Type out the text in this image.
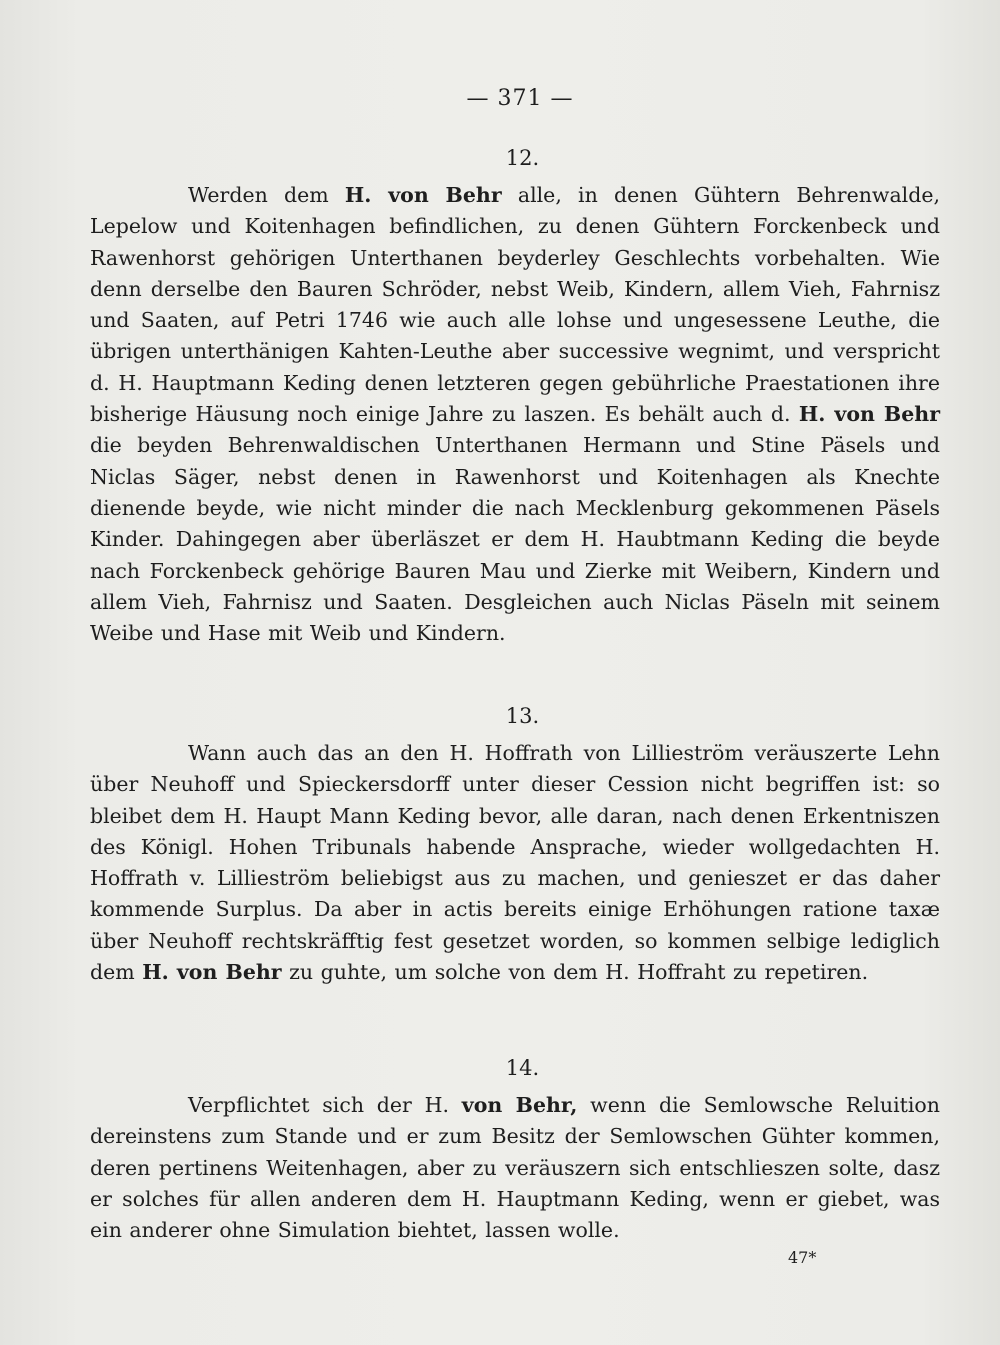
— 371 —
12.
Werden dem H. von Behr alle, in denen Gühtern Behrenwalde, Lepelow und Koitenhagen befindlichen, zu denen Gühtern Forckenbeck und Rawenhorst gehörigen Unterthanen beyderley Geschlechts vorbehalten. Wie denn derselbe den Bauren Schröder, nebst Weib, Kindern, allem Vieh, Fahrnisz und Saaten, auf Petri 1746 wie auch alle lohse und ungesessene Leuthe, die übrigen unterthänigen Kahten-Leuthe aber successive wegnimt, und verspricht d. H. Hauptmann Keding denen letzteren gegen gebührliche Praestationen ihre bisherige Häusung noch einige Jahre zu laszen. Es behält auch d. H. von Behr die beyden Behrenwaldischen Unterthanen Hermann und Stine Päsels und Niclas Säger, nebst denen in Rawenhorst und Koitenhagen als Knechte dienende beyde, wie nicht minder die nach Mecklenburg gekommenen Päsels Kinder. Dahingegen aber überläszet er dem H. Haubtmann Keding die beyde nach Forckenbeck gehörige Bauren Mau und Zierke mit Weibern, Kindern und allem Vieh, Fahrnisz und Saaten. Desgleichen auch Niclas Päseln mit seinem Weibe und Hase mit Weib und Kindern.
13.
Wann auch das an den H. Hoffrath von Lillieström veräuszerte Lehn über Neuhoff und Spieckersdorff unter dieser Cession nicht begriffen ist: so bleibet dem H. Haupt Mann Keding bevor, alle daran, nach denen Erkentniszen des Königl. Hohen Tribunals habende Ansprache, wieder wollgedachten H. Hoffrath v. Lillieström beliebigst aus zu machen, und genieszet er das daher kommende Surplus. Da aber in actis bereits einige Erhöhungen ratione taxæ über Neuhoff rechtskräfftig fest gesetzet worden, so kommen selbige lediglich dem H. von Behr zu guhte, um solche von dem H. Hoffraht zu repetiren.
14.
Verpflichtet sich der H. von Behr, wenn die Semlowsche Reluition dereinstens zum Stande und er zum Besitz der Semlowschen Gühter kommen, deren pertinens Weitenhagen, aber zu veräuszern sich entschlieszen solte, dasz er solches für allen anderen dem H. Hauptmann Keding, wenn er giebet, was ein anderer ohne Simulation biehtet, lassen wolle.
47*
